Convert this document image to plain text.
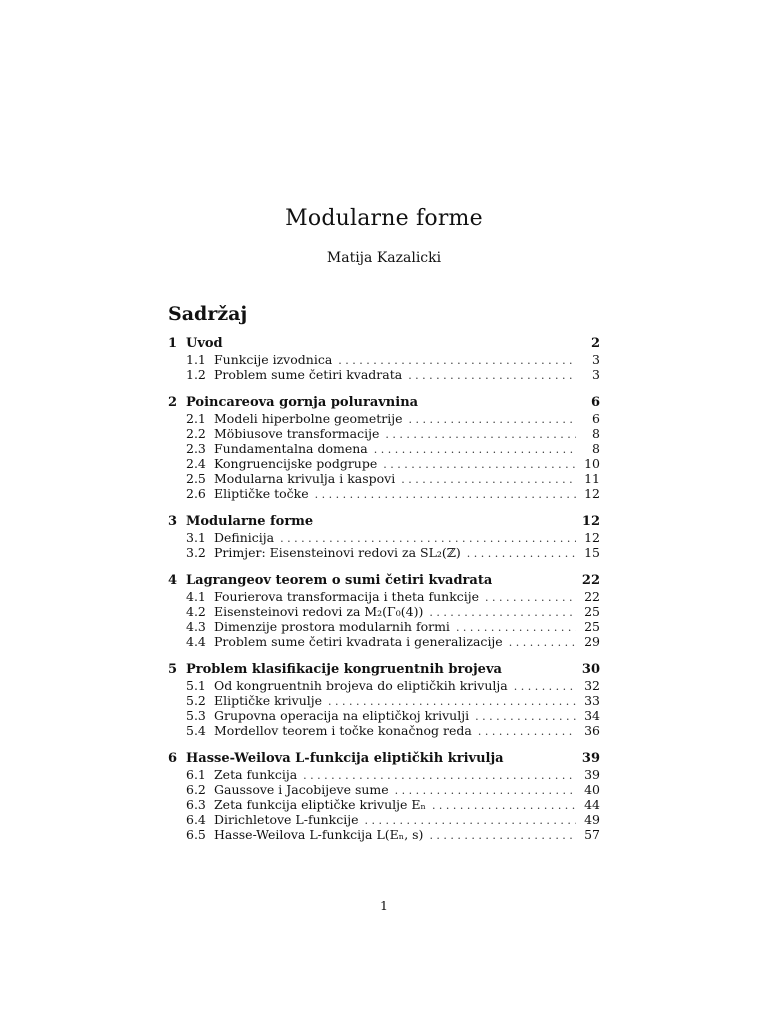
Modularne forme
Matija Kazalicki
Sadržaj
1 Uvod	2
1.1 Funkcije izvodnica . . .	3
1.2 Problem sume četiri kvadrata . . .	3
2 Poincareova gornja poluravnina	6
2.1 Modeli hiperbolne geometrije . . .	6
2.2 Möbiusove transformacije . . .	8
2.3 Fundamentalna domena . . .	8
2.4 Kongruencijske podgrupe . . .	10
2.5 Modularna krivulja i kaspovi . . .	11
2.6 Eliptičke točke . . .	12
3 Modularne forme	12
3.1 Definicija . . .	12
3.2 Primjer: Eisensteinovi redovi za SL₂(ℤ) . . .	15
4 Lagrangeov teorem o sumi četiri kvadrata	22
4.1 Fourierova transformacija i theta funkcije . . .	22
4.2 Eisensteinovi redovi za M₂(Γ₀(4)) . . .	25
4.3 Dimenzije prostora modularnih formi . . .	25
4.4 Problem sume četiri kvadrata i generalizacije . . .	29
5 Problem klasifikacije kongruentnih brojeva	30
5.1 Od kongruentnih brojeva do eliptičkih krivulja . . .	32
5.2 Eliptičke krivulje . . .	33
5.3 Grupovna operacija na eliptičkoj krivulji . . .	34
5.4 Mordellov teorem i točke konačnog reda . . .	36
6 Hasse-Weilova L-funkcija eliptičkih krivulja	39
6.1 Zeta funkcija . . .	39
6.2 Gaussove i Jacobijeve sume . . .	40
6.3 Zeta funkcija eliptičke krivulje Eₙ . . .	44
6.4 Dirichletove L-funkcije . . .	49
6.5 Hasse-Weilova L-funkcija L(Eₙ, s) . . .	57
1
